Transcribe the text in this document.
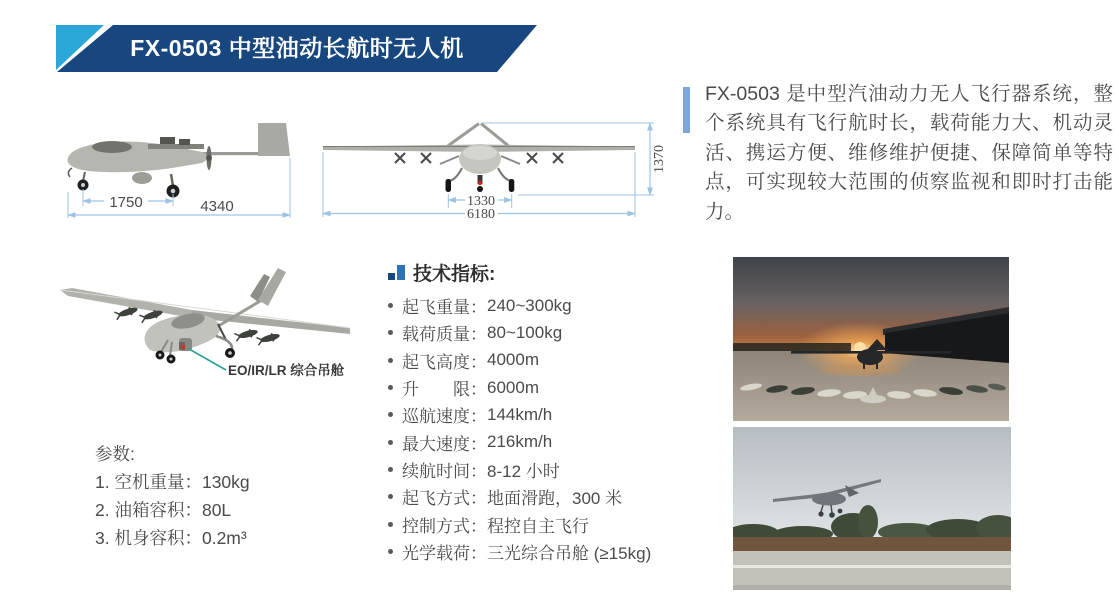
FX-0503 中型油动长航时无人机
1750	4340	1330
6180
1370
EO/IR/LR 综合吊舱
FX-0503 是中型汽油动力无人飞行器系统，整个系统具有飞行航时长，载荷能力大、机动灵活、携运方便、维修维护便捷、保障简单等特点，可实现较大范围的侦察监视和即时打击能力。
参数:
1. 空机重量：130kg
2. 油箱容积：80L
3. 机身容积：0.2m³
技术指标:
起飞重量： 240~300kg
载荷质量： 80~100kg
起飞高度： 4000m
升　　限： 6000m
巡航速度： 144km/h
最大速度： 216km/h
续航时间： 8-12 小时
起飞方式： 地面滑跑，300 米
控制方式： 程控自主飞行
光学载荷： 三光综合吊舱 (≥15kg)
